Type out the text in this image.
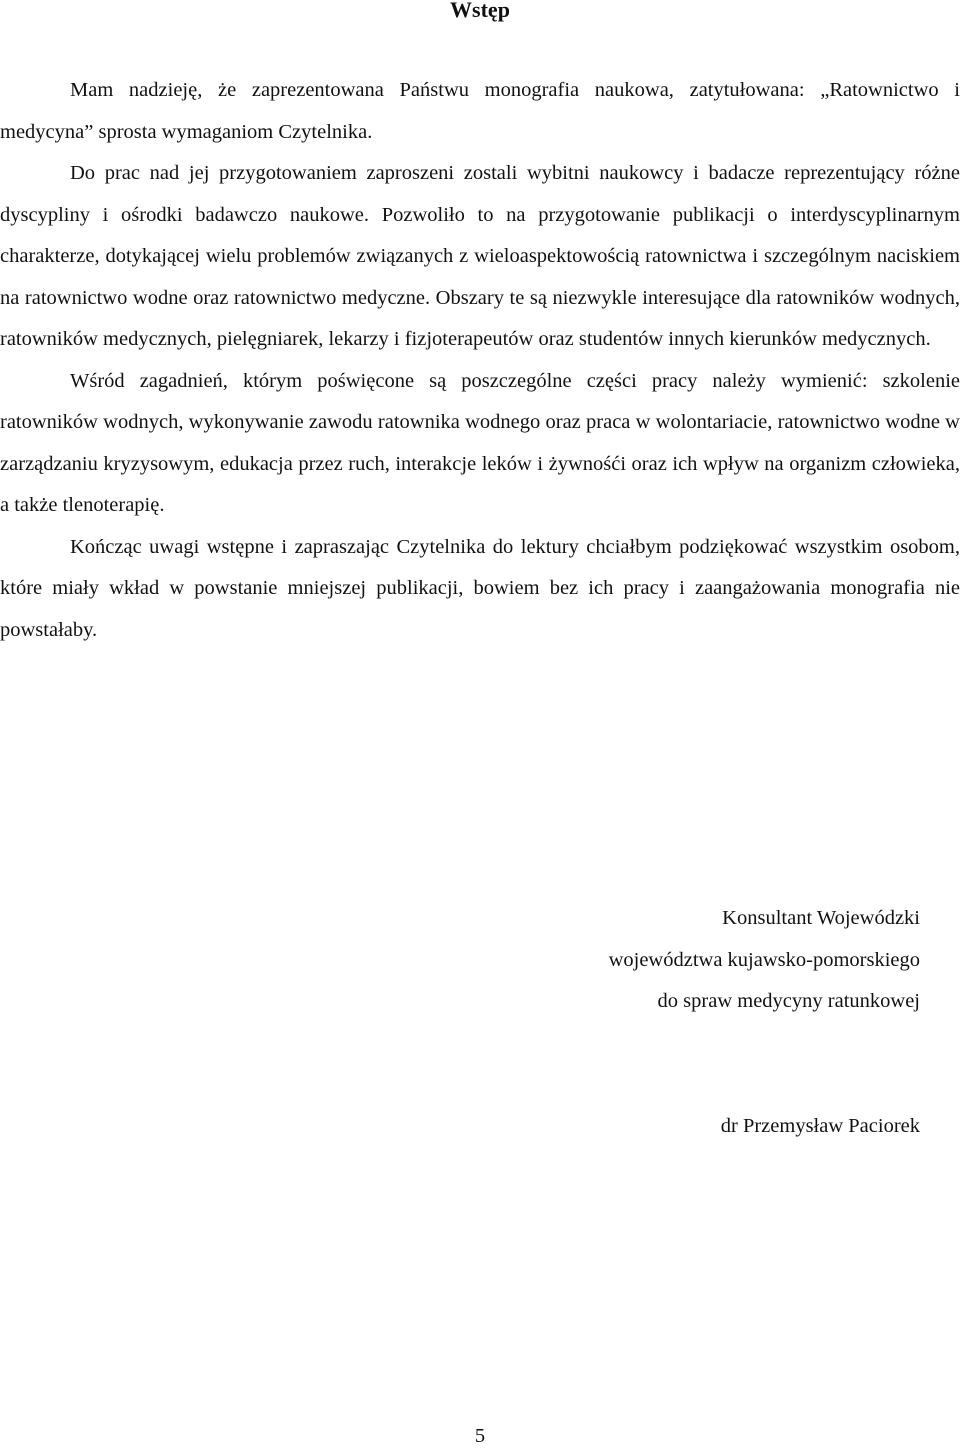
Wstęp

Mam nadzieję, że zaprezentowana Państwu monografia naukowa, zatytułowana: „Ratownictwo i medycyna” sprosta wymaganiom Czytelnika.

Do prac nad jej przygotowaniem zaproszeni zostali wybitni naukowcy i badacze reprezentujący różne dyscypliny i ośrodki badawczo naukowe. Pozwoliło to na przygotowanie publikacji o interdyscyplinarnym charakterze, dotykającej wielu problemów związanych z wieloaspektowością ratownictwa i szczególnym naciskiem na ratownictwo wodne oraz ratownictwo medyczne. Obszary te są niezwykle interesujące dla ratowników wodnych, ratowników medycznych, pielęgniarek, lekarzy i fizjoterapeutów oraz studentów innych kierunków medycznych.

Wśród zagadnień, którym poświęcone są poszczególne części pracy należy wymienić: szkolenie ratowników wodnych, wykonywanie zawodu ratownika wodnego oraz praca w wolontariacie, ratownictwo wodne w zarządzaniu kryzysowym, edukacja przez ruch, interakcje leków i żywnośći oraz ich wpływ na organizm człowieka, a także tlenoterapię.

Kończąc uwagi wstępne i zapraszając Czytelnika do lektury chciałbym podziękować wszystkim osobom, które miały wkład w powstanie mniejszej publikacji, bowiem bez ich pracy i zaangażowania monografia nie powstałaby.

Konsultant Wojewódzki
województwa kujawsko-pomorskiego
do spraw medycyny ratunkowej
dr Przemysław Paciorek
5
